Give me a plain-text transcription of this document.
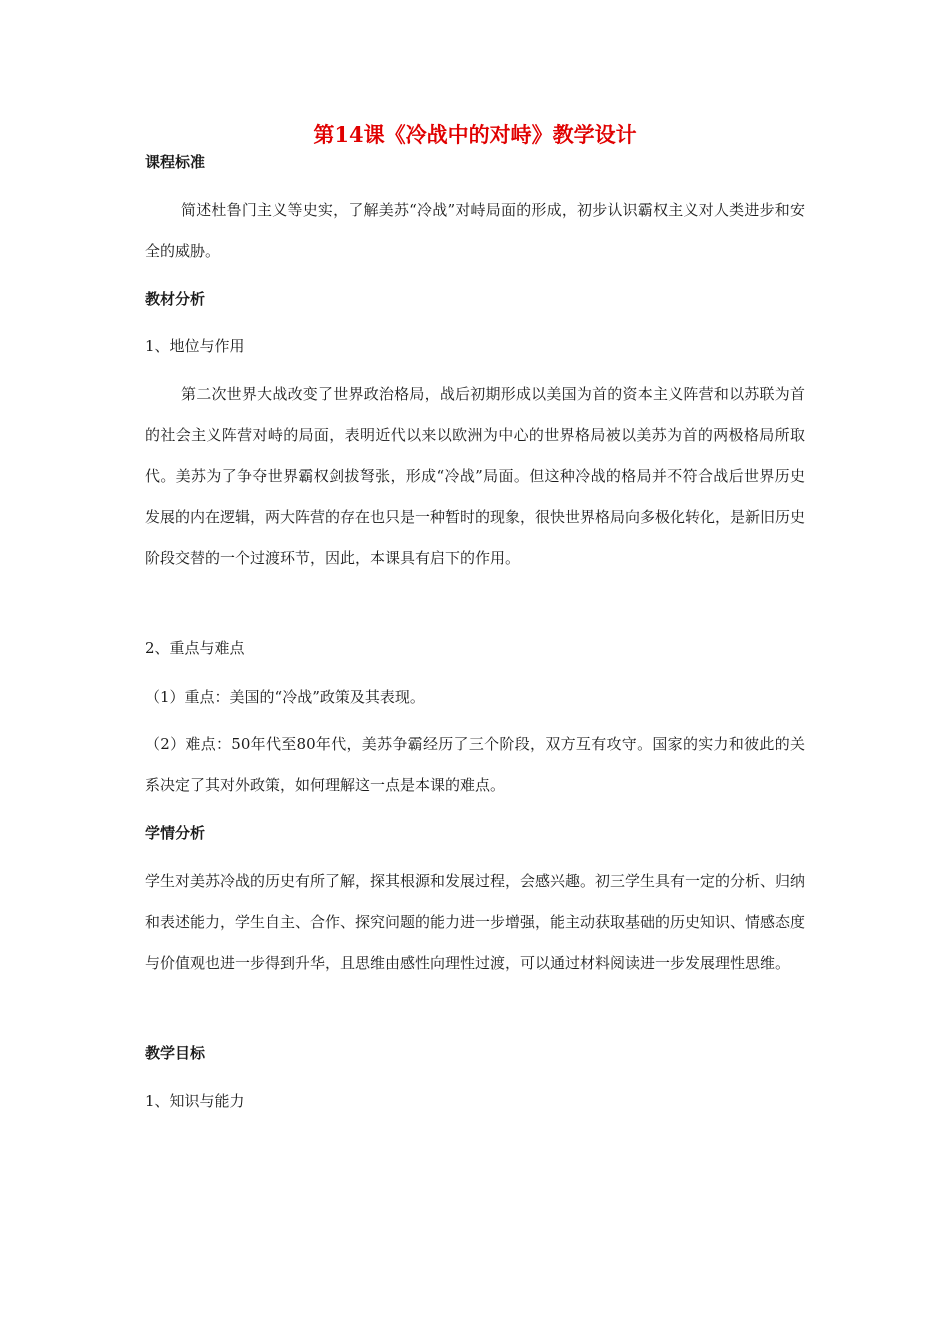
第14课《冷战中的对峙》教学设计
课程标准

简述杜鲁门主义等史实，了解美苏“冷战”对峙局面的形成，初步认识霸权主义对人类进步和安全的威胁。

教材分析

1、地位与作用

第二次世界大战改变了世界政治格局，战后初期形成以美国为首的资本主义阵营和以苏联为首的社会主义阵营对峙的局面，表明近代以来以欧洲为中心的世界格局被以美苏为首的两极格局所取代。美苏为了争夺世界霸权剑拔弩张，形成“冷战”局面。但这种冷战的格局并不符合战后世界历史发展的内在逻辑，两大阵营的存在也只是一种暂时的现象，很快世界格局向多极化转化，是新旧历史阶段交替的一个过渡环节，因此，本课具有启下的作用。

2、重点与难点

（1）重点：美国的“冷战”政策及其表现。

（2）难点：50年代至80年代，美苏争霸经历了三个阶段，双方互有攻守。国家的实力和彼此的关系决定了其对外政策，如何理解这一点是本课的难点。

学情分析

学生对美苏冷战的历史有所了解，探其根源和发展过程，会感兴趣。初三学生具有一定的分析、归纳和表述能力，学生自主、合作、探究问题的能力进一步增强，能主动获取基础的历史知识、情感态度与价值观也进一步得到升华，且思维由感性向理性过渡，可以通过材料阅读进一步发展理性思维。

教学目标

1、知识与能力
